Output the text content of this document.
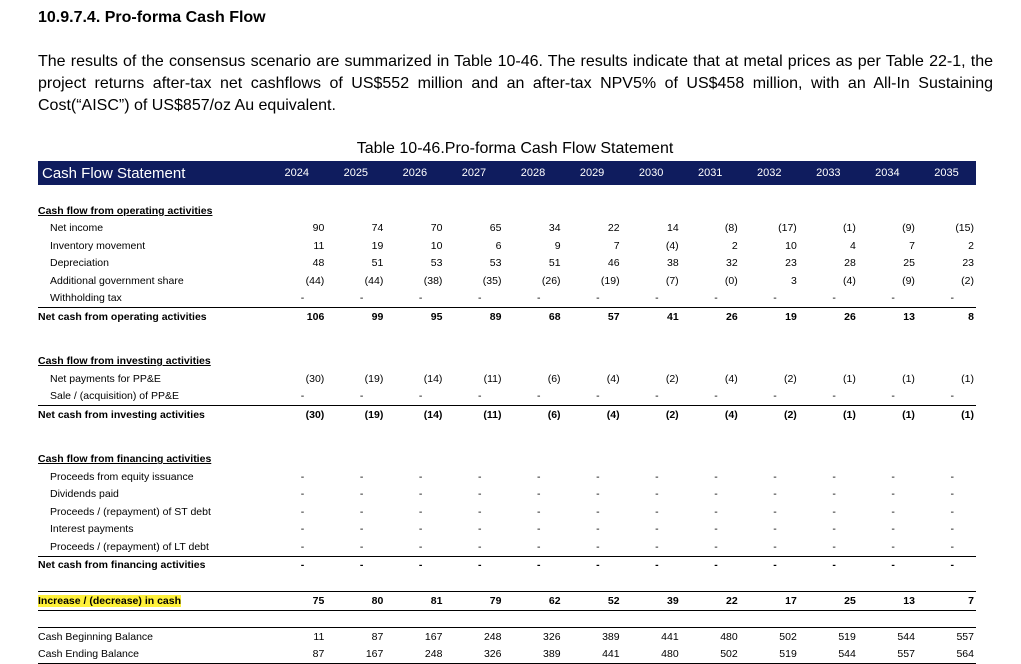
10.9.7.4. Pro-forma Cash Flow
The results of the consensus scenario are summarized in Table 10-46. The results indicate that at metal prices as per Table 22-1, the project returns after-tax net cashflows of US$552 million and an after-tax NPV5% of US$458 million, with an All-In Sustaining Cost(“AISC”) of US$857/oz Au equivalent.
Table 10-46.Pro-forma Cash Flow Statement
Cash Flow Statement	2024	2025	2026	2027	2028	2029	2030	2031	2032	2033	2034	2035

Cash flow from operating activities												
Net income	90	74	70	65	34	22	14	(8)	(17)	(1)	(9)	(15)
Inventory movement	11	19	10	6	9	7	(4)	2	10	4	7	2
Depreciation	48	51	53	53	51	46	38	32	23	28	25	23
Additional government share	(44)	(44)	(38)	(35)	(26)	(19)	(7)	(0)	3	(4)	(9)	(2)
Withholding tax	-	-	-	-	-	-	-	-	-	-	-	-
Net cash from operating activities	106	99	95	89	68	57	41	26	19	26	13	8

Cash flow from investing activities												
Net payments for PP&E	(30)	(19)	(14)	(11)	(6)	(4)	(2)	(4)	(2)	(1)	(1)	(1)
Sale / (acquisition) of PP&E	-	-	-	-	-	-	-	-	-	-	-	-
Net cash from investing activities	(30)	(19)	(14)	(11)	(6)	(4)	(2)	(4)	(2)	(1)	(1)	(1)

Cash flow from financing activities												
Proceeds from equity issuance	-	-	-	-	-	-	-	-	-	-	-	-
Dividends paid	-	-	-	-	-	-	-	-	-	-	-	-
Proceeds / (repayment) of ST debt	-	-	-	-	-	-	-	-	-	-	-	-
Interest payments	-	-	-	-	-	-	-	-	-	-	-	-
Proceeds / (repayment) of LT debt	-	-	-	-	-	-	-	-	-	-	-	-
Net cash from financing activities	-	-	-	-	-	-	-	-	-	-	-	-

Increase / (decrease) in cash	75	80	81	79	62	52	39	22	17	25	13	7

Cash Beginning Balance	11	87	167	248	326	389	441	480	502	519	544	557
Cash Ending Balance	87	167	248	326	389	441	480	502	519	544	557	564
